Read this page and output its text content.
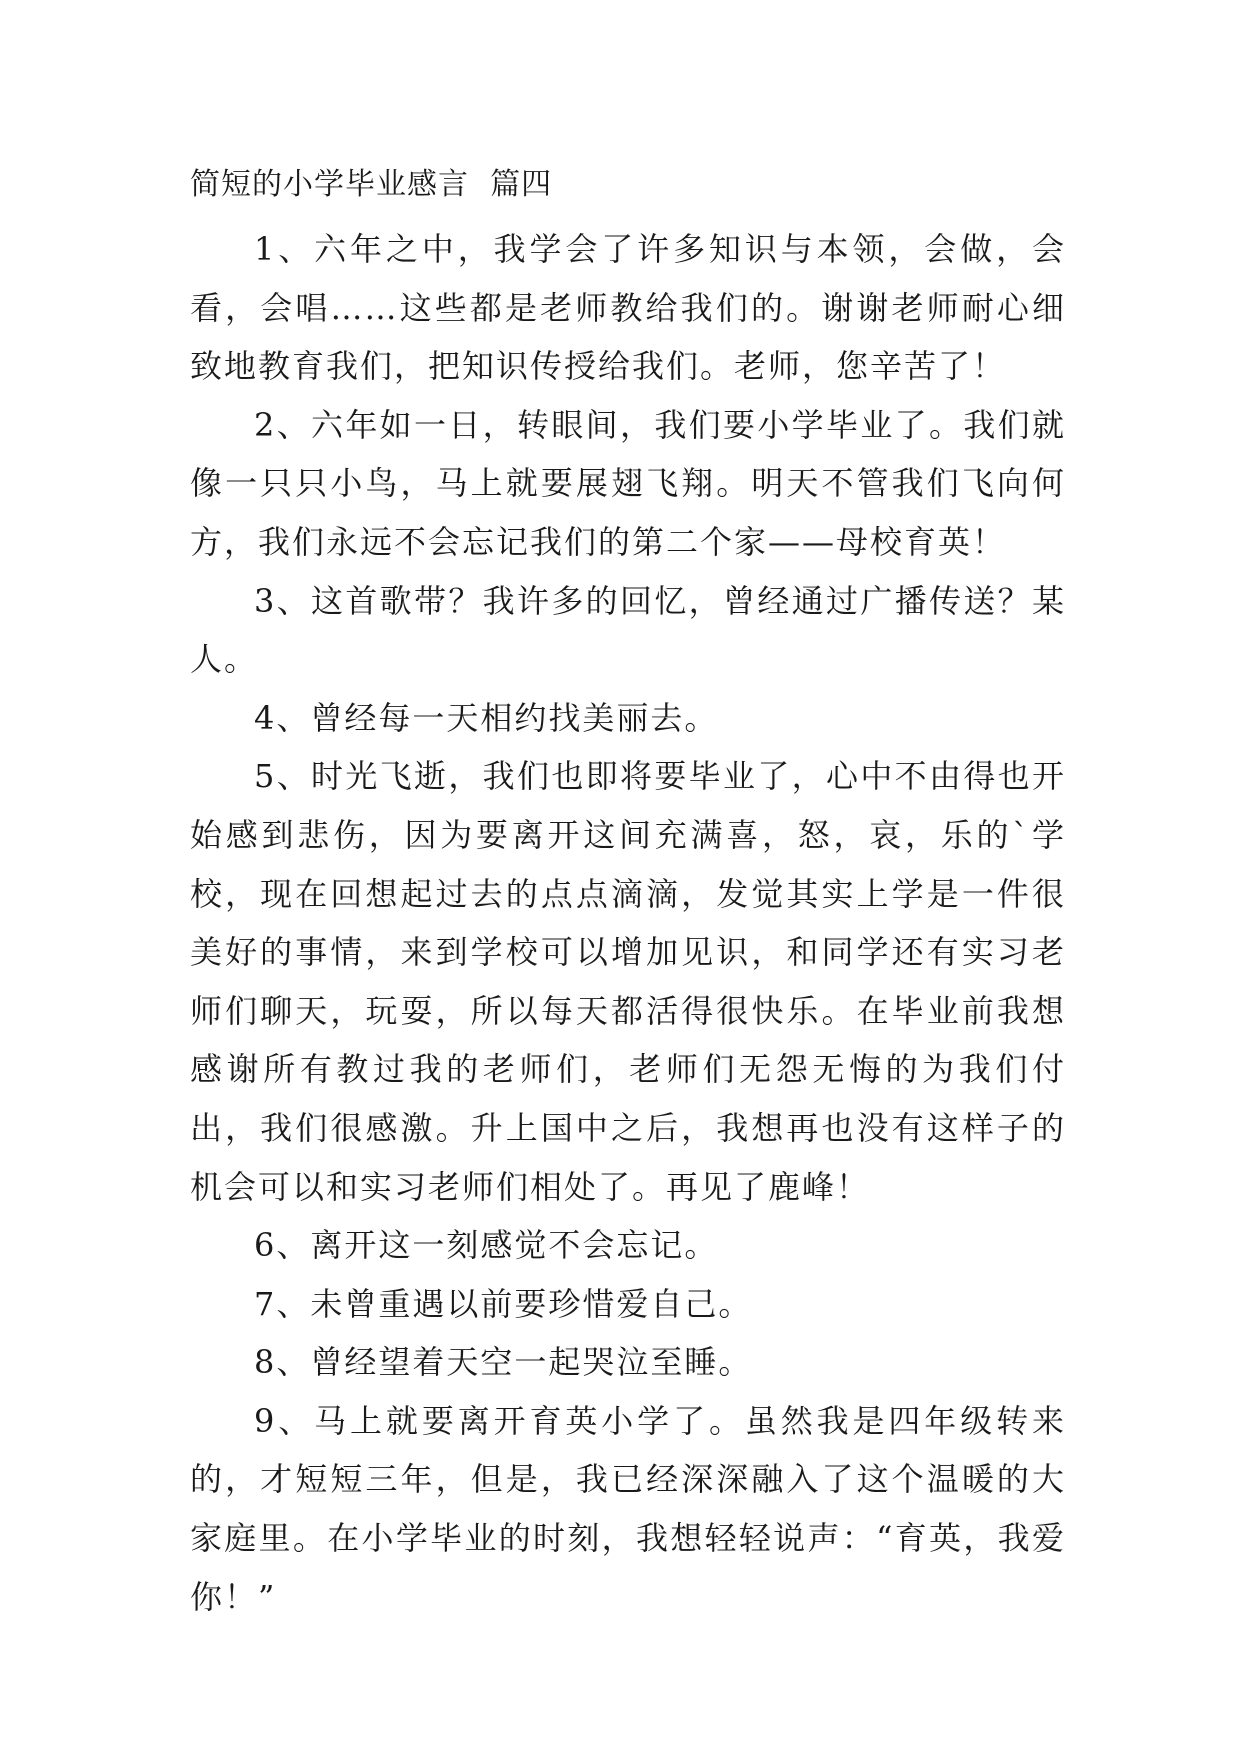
简短的小学毕业感言  篇四

1、六年之中，我学会了许多知识与本领，会做，会看，会唱……这些都是老师教给我们的。谢谢老师耐心细致地教育我们，把知识传授给我们。老师，您辛苦了！

2、六年如一日，转眼间，我们要小学毕业了。我们就像一只只小鸟，马上就要展翅飞翔。明天不管我们飞向何方，我们永远不会忘记我们的第二个家——母校育英！

3、这首歌带？我许多的回忆，曾经通过广播传送？某人。

4、曾经每一天相约找美丽去。

5、时光飞逝，我们也即将要毕业了，心中不由得也开始感到悲伤，因为要离开这间充满喜，怒，哀，乐的`学校，现在回想起过去的点点滴滴，发觉其实上学是一件很美好的事情，来到学校可以增加见识，和同学还有实习老师们聊天，玩耍，所以每天都活得很快乐。在毕业前我想感谢所有教过我的老师们，老师们无怨无悔的为我们付出，我们很感激。升上国中之后，我想再也没有这样子的机会可以和实习老师们相处了。再见了鹿峰！

6、离开这一刻感觉不会忘记。

7、未曾重遇以前要珍惜爱自己。

8、曾经望着天空一起哭泣至睡。

9、马上就要离开育英小学了。虽然我是四年级转来的，才短短三年，但是，我已经深深融入了这个温暖的大家庭里。在小学毕业的时刻，我想轻轻说声：“育英，我爱你！”
